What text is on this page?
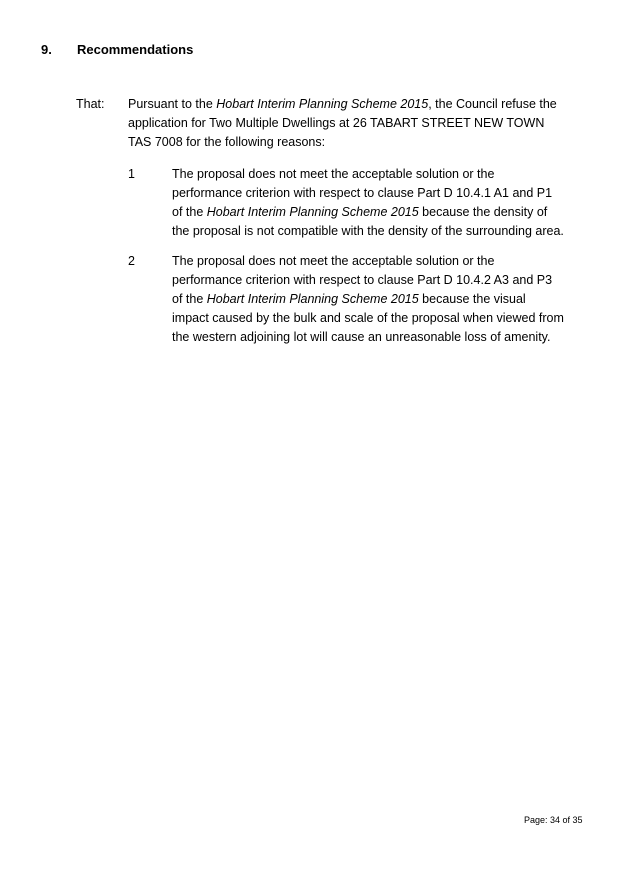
9. Recommendations
That: Pursuant to the Hobart Interim Planning Scheme 2015, the Council refuse the application for Two Multiple Dwellings at 26 TABART STREET NEW TOWN TAS 7008 for the following reasons:
1	The proposal does not meet the acceptable solution or the performance criterion with respect to clause Part D 10.4.1 A1 and P1 of the Hobart Interim Planning Scheme 2015 because the density of the proposal is not compatible with the density of the surrounding area.
2	The proposal does not meet the acceptable solution or the performance criterion with respect to clause Part D 10.4.2 A3 and P3 of the Hobart Interim Planning Scheme 2015 because the visual impact caused by the bulk and scale of the proposal when viewed from the western adjoining lot will cause an unreasonable loss of amenity.
Page: 34 of 35
